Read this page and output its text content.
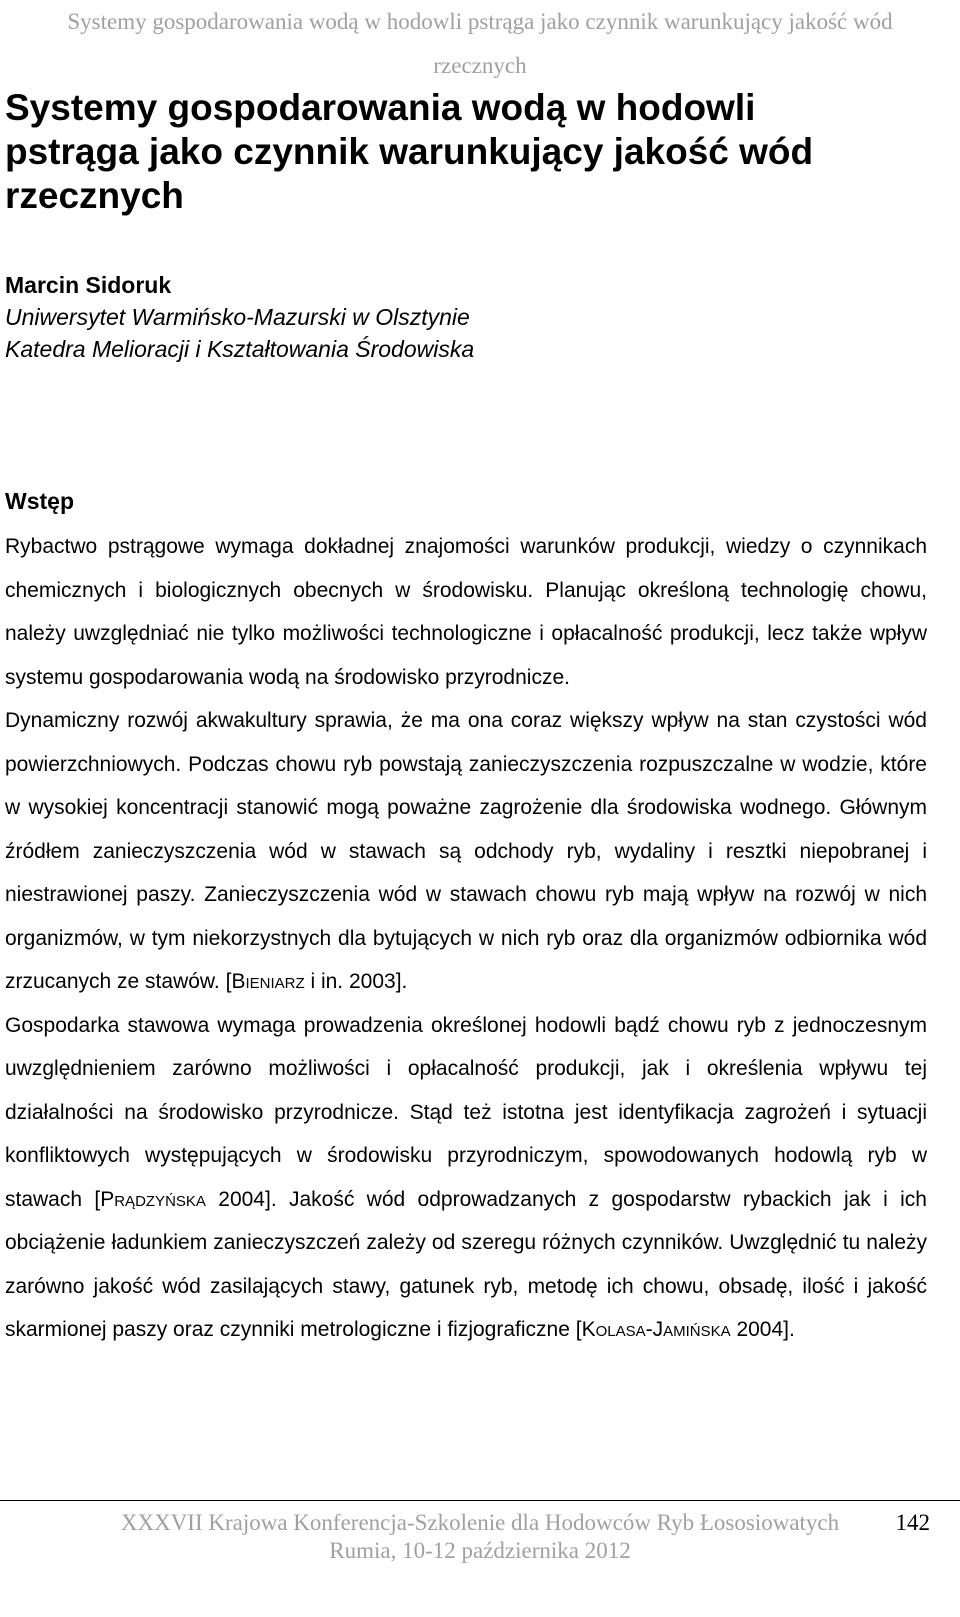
Systemy gospodarowania wodą w hodowli pstrąga jako czynnik warunkujący jakość wód
rzecznych
Systemy gospodarowania wodą w hodowli
pstrąga jako czynnik warunkujący jakość wód
rzecznych
Marcin Sidoruk
Uniwersytet Warmińsko-Mazurski w Olsztynie
Katedra Melioracji i Kształtowania Środowiska
Wstęp

Rybactwo pstrągowe wymaga dokładnej znajomości warunków produkcji, wiedzy o czynnikach chemicznych i biologicznych obecnych w środowisku. Planując określoną technologię chowu, należy uwzględniać nie tylko możliwości technologiczne i opłacalność produkcji, lecz także wpływ systemu gospodarowania wodą na środowisko przyrodnicze.

Dynamiczny rozwój akwakultury sprawia, że ma ona coraz większy wpływ na stan czystości wód powierzchniowych. Podczas chowu ryb powstają zanieczyszczenia rozpuszczalne w wodzie, które w wysokiej koncentracji stanowić mogą poważne zagrożenie dla środowiska wodnego. Głównym źródłem zanieczyszczenia wód w stawach są odchody ryb, wydaliny i resztki niepobranej i niestrawionej paszy. Zanieczyszczenia wód w stawach chowu ryb mają wpływ na rozwój w nich organizmów, w tym niekorzystnych dla bytujących w nich ryb oraz dla organizmów odbiornika wód zrzucanych ze stawów. [Bieniarz i in. 2003].

Gospodarka stawowa wymaga prowadzenia określonej hodowli bądź chowu ryb z jednoczesnym uwzględnieniem zarówno możliwości i opłacalność produkcji, jak i określenia wpływu tej działalności na środowisko przyrodnicze. Stąd też istotna jest identyfikacja zagrożeń i sytuacji konfliktowych występujących w środowisku przyrodniczym, spowodowanych hodowlą ryb w stawach [Prądzyńska 2004]. Jakość wód odprowadzanych z gospodarstw rybackich jak i ich obciążenie ładunkiem zanieczyszczeń zależy od szeregu różnych czynników. Uwzględnić tu należy zarówno jakość wód zasilających stawy, gatunek ryb, metodę ich chowu, obsadę, ilość i jakość skarmionej paszy oraz czynniki metrologiczne i fizjograficzne [Kolasa-Jamińska 2004].

XXXVII Krajowa Konferencja-Szkolenie dla Hodowców Ryb Łososiowatych
Rumia, 10-12 października 2012
142
